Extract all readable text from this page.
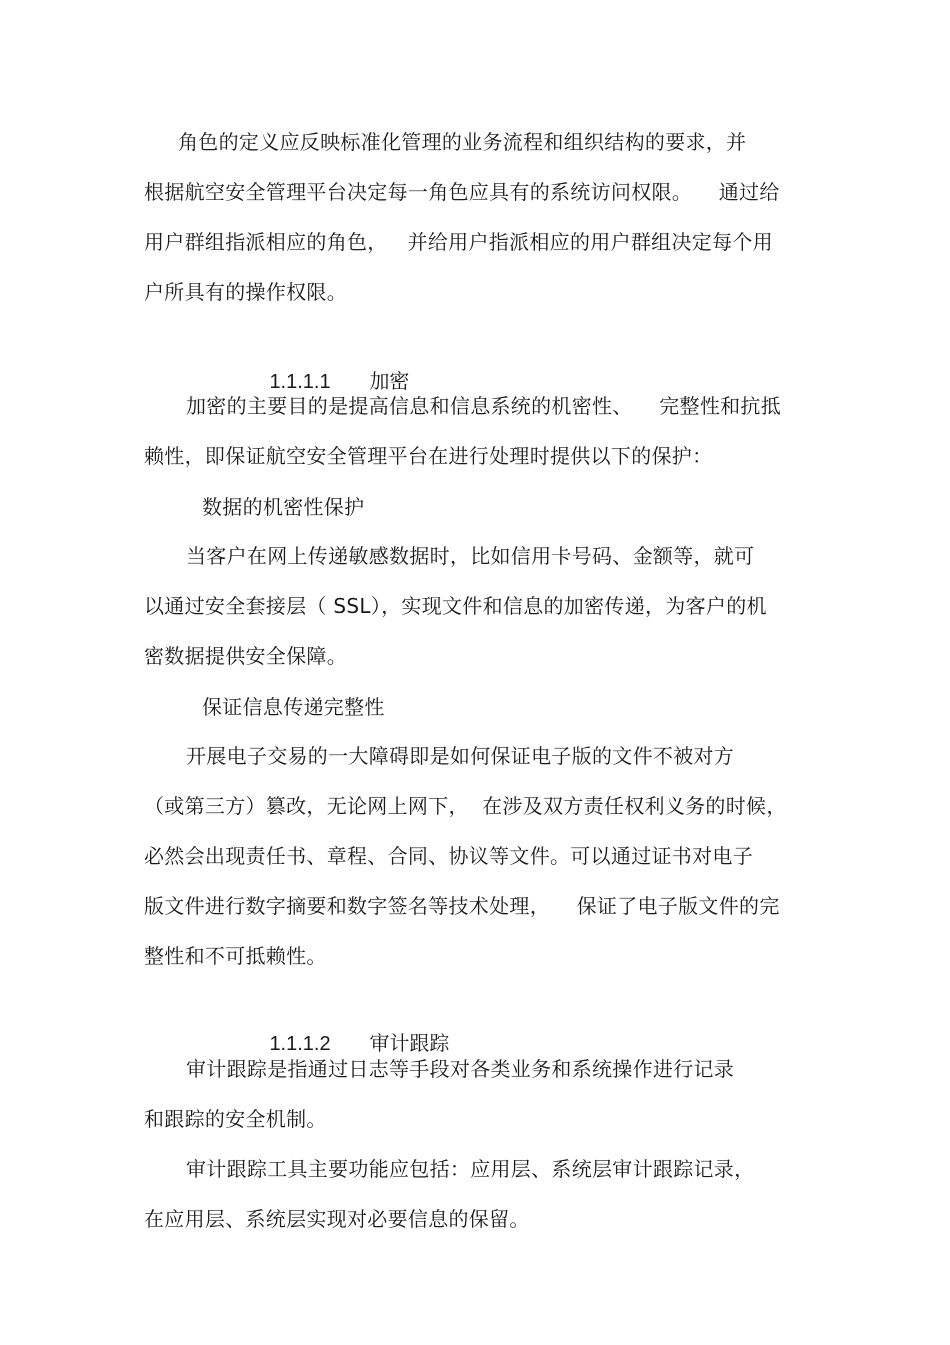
角色的定义应反映标准化管理的业务流程和组织结构的要求，并

根据航空安全管理平台决定每一角色应具有的系统访问权限。    通过给

用户群组指派相应的角色，   并给用户指派相应的用户群组决定每个用

户所具有的操作权限。

1.1.1.1 加密

加密的主要目的是提高信息和信息系统的机密性、    完整性和抗抵

赖性，即保证航空安全管理平台在进行处理时提供以下的保护：

数据的机密性保护

当客户在网上传递敏感数据时，比如信用卡号码、金额等，就可

以通过安全套接层（ SSL），实现文件和信息的加密传递，为客户的机

密数据提供安全保障。

保证信息传递完整性

开展电子交易的一大障碍即是如何保证电子版的文件不被对方

（或第三方）篡改，无论网上网下，  在涉及双方责任权利义务的时候，

必然会出现责任书、章程、合同、协议等文件。可以通过证书对电子

版文件进行数字摘要和数字签名等技术处理，    保证了电子版文件的完

整性和不可抵赖性。

1.1.1.2 审计跟踪

审计跟踪是指通过日志等手段对各类业务和系统操作进行记录

和跟踪的安全机制。

审计跟踪工具主要功能应包括：应用层、系统层审计跟踪记录，

在应用层、系统层实现对必要信息的保留。
